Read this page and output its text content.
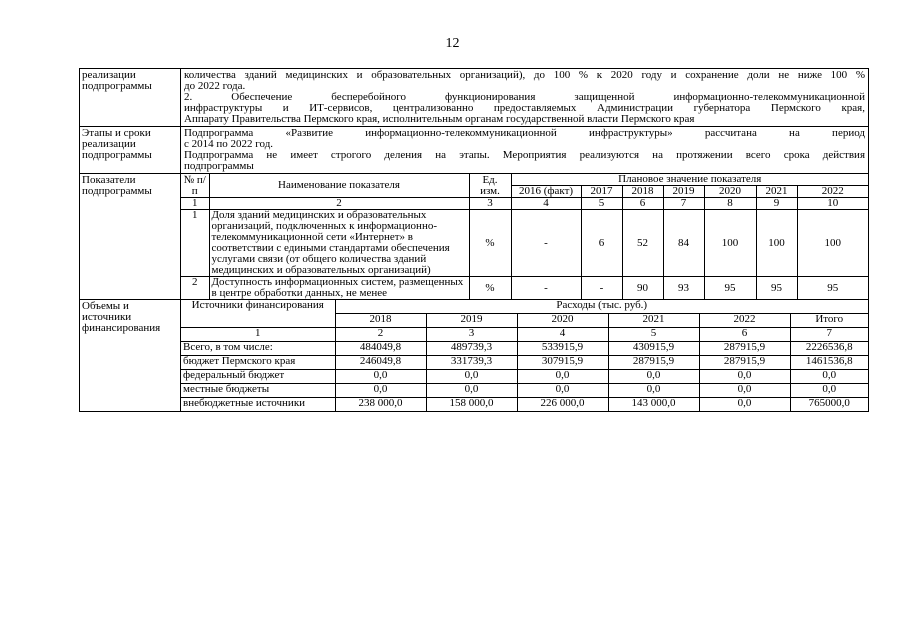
12
реализации подпрограммы	
количества зданий медицинских и образовательных организаций), до 100 % к 2020 году и сохранение доли не ниже 100 %
до 2022 года.
2. Обеспечение бесперебойного функционирования защищенной информационно-телекоммуникационной
инфраструктуры и ИТ-сервисов, централизованно предоставляемых Администрации губернатора Пермского края,
Аппарату Правительства Пермского края, исполнительным органам государственной власти Пермского края

Этапы и сроки реализации подпрограммы	
Подпрограмма «Развитие информационно-телекоммуникационной инфраструктуры» рассчитана на период
с 2014 по 2022 год.
Подпрограмма не имеет строгого деления на этапы. Мероприятия реализуются на протяжении всего срока действия
подпрограммы

Показатели подпрограммы	
№ п/п	Наименование показателя	Ед. изм.	Плановое значение показателя
2016 (факт)	2017	2018	2019	2020	2021	2022
1	2	3	4	5	6	7	8	9	10
1	Доля зданий медицинских и образовательных организаций, подключенных к информационно-телекоммуникационной сети «Интернет» в соответствии с едиными стандартами обеспечения услугами связи (от общего количества зданий медицинских и образовательных организаций)	%	-	6	52	84	100	100	100
2	Доступность информационных систем, размещенных в центре обработки данных, не менее	%	-	-	90	93	95	95	95

Объемы и источники финансирования	
Источники финансирования	Расходы (тыс. руб.)
2018	2019	2020	2021	2022	Итого
1	2	3	4	5	6	7
Всего, в том числе:	484049,8	489739,3	533915,9	430915,9	287915,9	2226536,8
бюджет Пермского края	246049,8	331739,3	307915,9	287915,9	287915,9	1461536,8
федеральный бюджет	0,0	0,0	0,0	0,0	0,0	0,0
местные бюджеты	0,0	0,0	0,0	0,0	0,0	0,0
внебюджетные источники	238 000,0	158 000,0	226 000,0	143 000,0	0,0	765000,0
